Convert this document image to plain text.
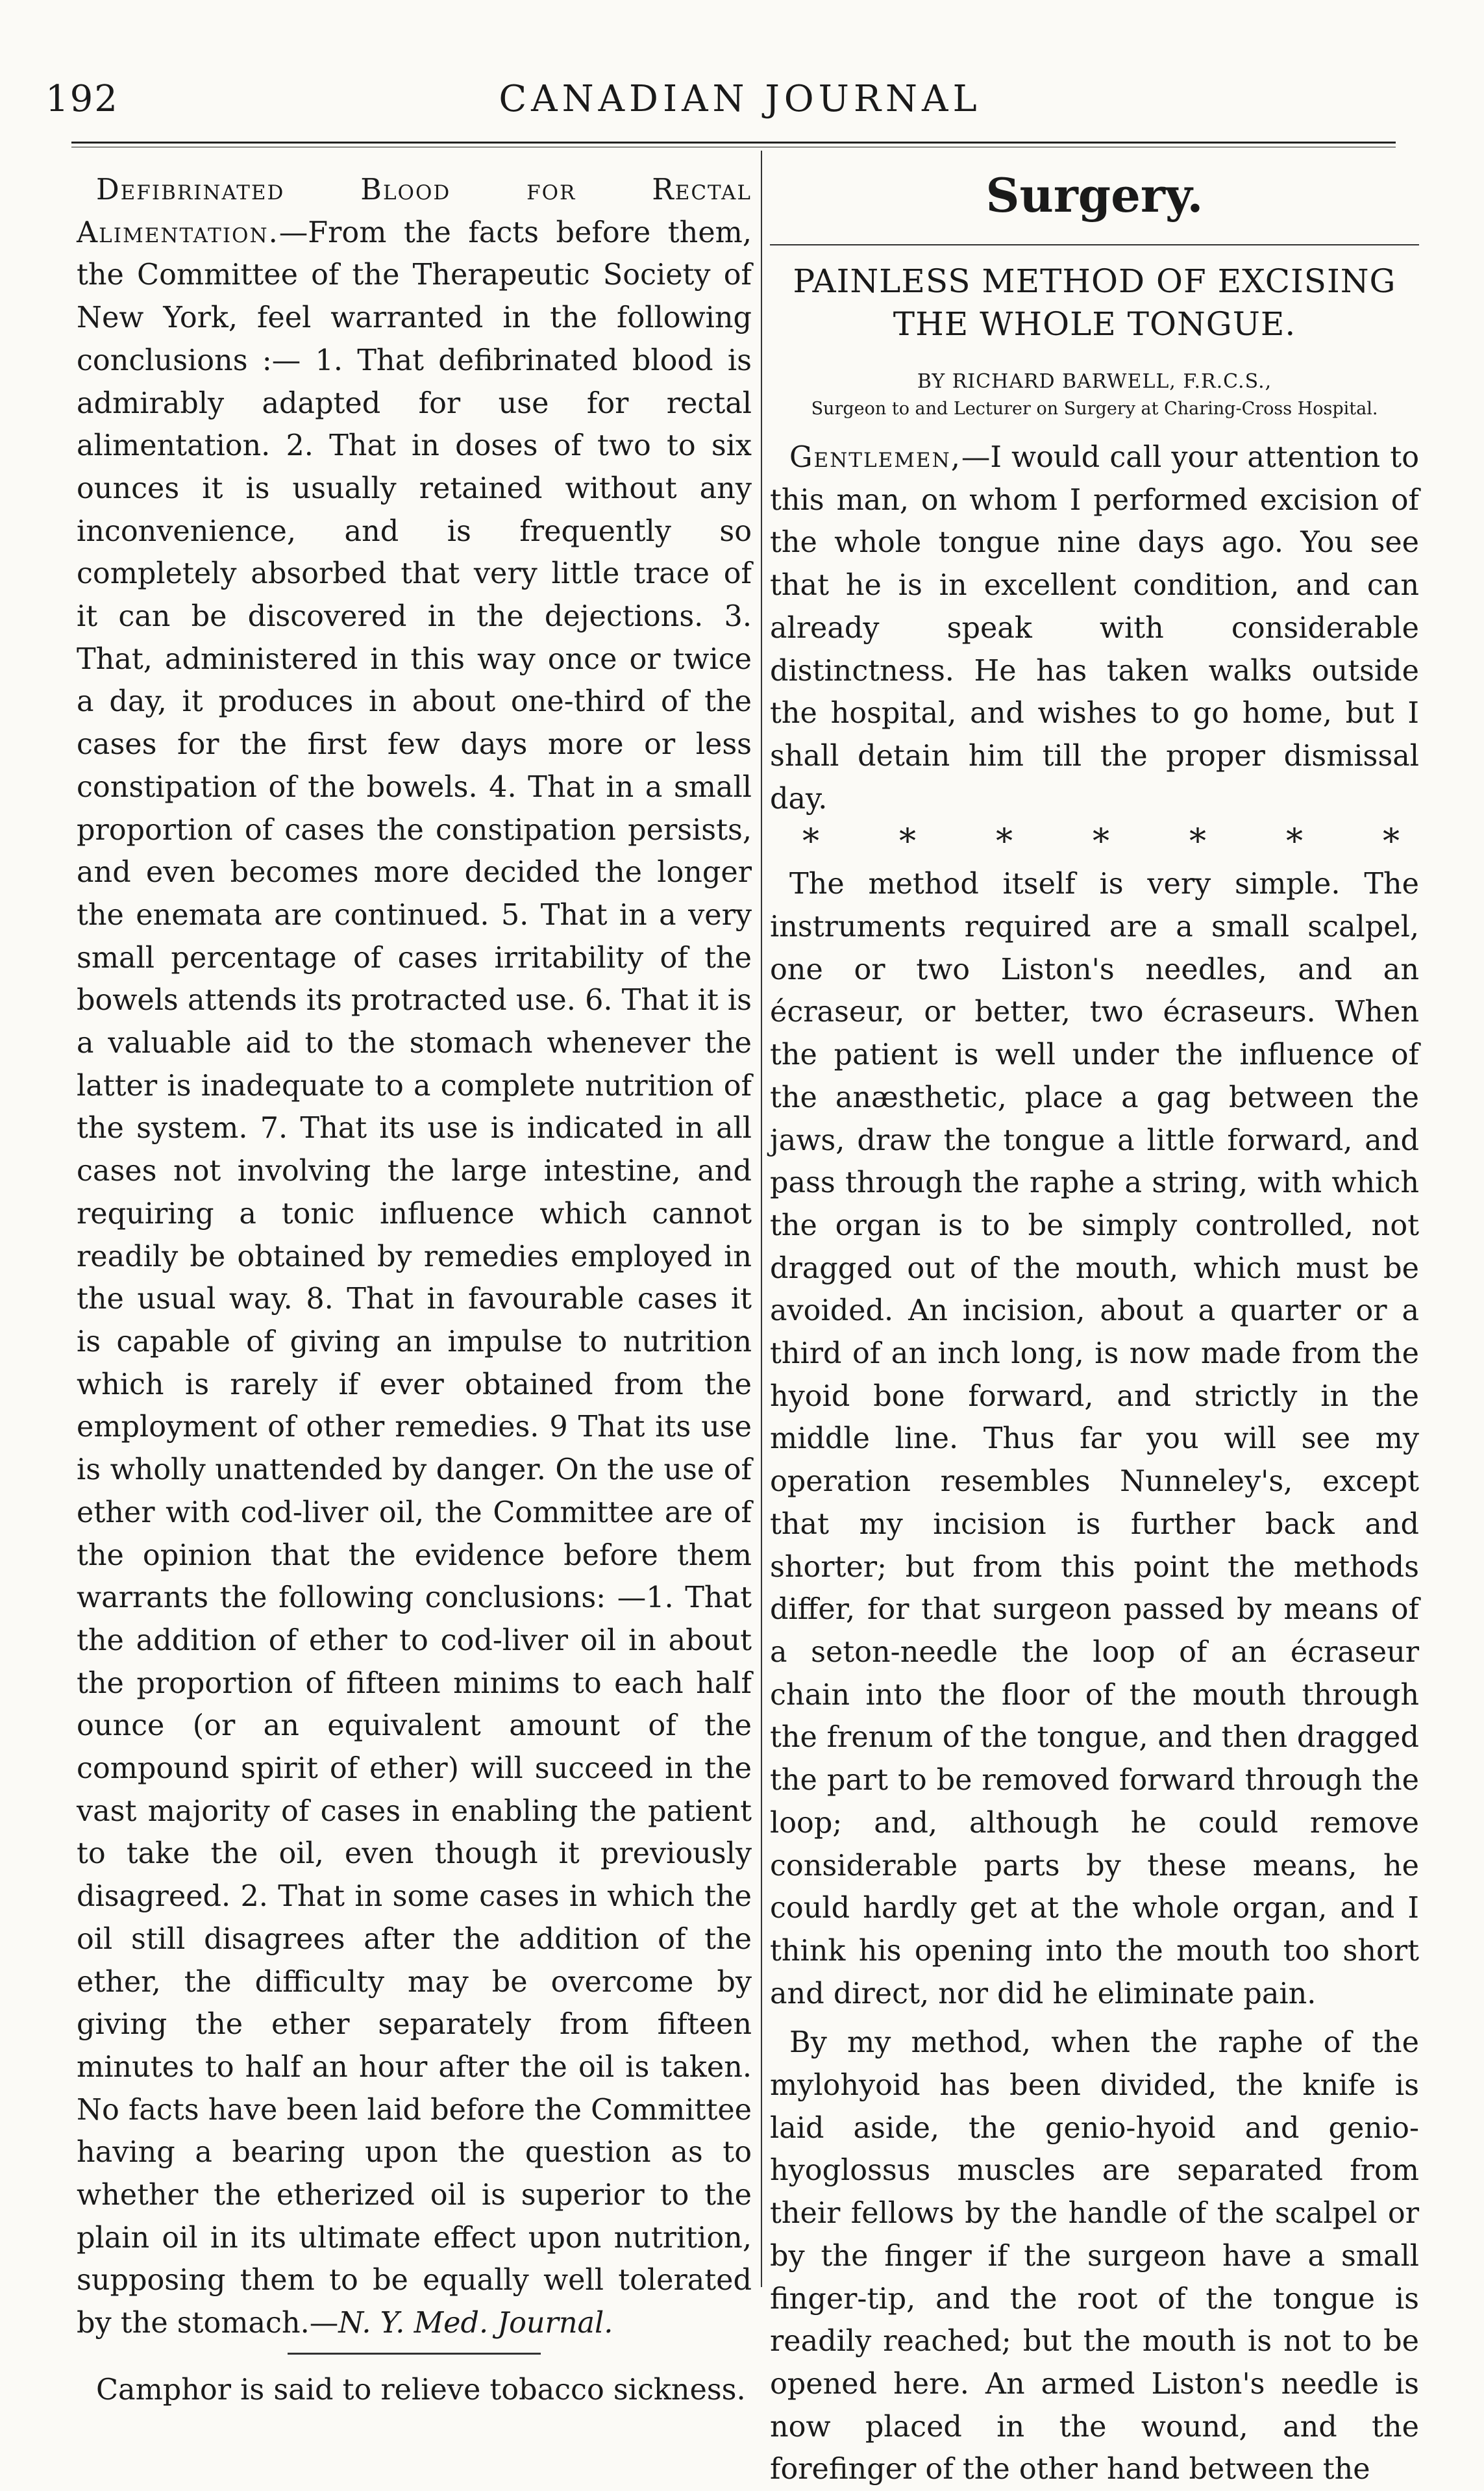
192	CANADIAN JOURNAL

Defibrinated Blood for Rectal Alimentation.—From the facts before them, the Committee of the Therapeutic Society of New York, feel warranted in the following conclusions :— 1. That defibrinated blood is admirably adapted for use for rectal alimentation. 2. That in doses of two to six ounces it is usually retained without any inconvenience, and is frequently so completely absorbed that very little trace of it can be discovered in the dejections. 3. That, administered in this way once or twice a day, it produces in about one-third of the cases for the first few days more or less constipation of the bowels. 4. That in a small proportion of cases the constipation persists, and even becomes more decided the longer the enemata are continued. 5. That in a very small percentage of cases irritability of the bowels attends its protracted use. 6. That it is a valuable aid to the stomach whenever the latter is inadequate to a complete nutrition of the system. 7. That its use is indicated in all cases not involving the large intestine, and requiring a tonic influence which cannot readily be obtained by remedies employed in the usual way. 8. That in favourable cases it is capable of giving an impulse to nutrition which is rarely if ever obtained from the employment of other remedies. 9 That its use is wholly unattended by danger. On the use of ether with cod-liver oil, the Committee are of the opinion that the evidence before them warrants the following conclusions: —1. That the addition of ether to cod-liver oil in about the proportion of fifteen minims to each half ounce (or an equivalent amount of the compound spirit of ether) will succeed in the vast majority of cases in enabling the patient to take the oil, even though it previously disagreed. 2. That in some cases in which the oil still disagrees after the addition of the ether, the difficulty may be overcome by giving the ether separately from fifteen minutes to half an hour after the oil is taken. No facts have been laid before the Committee having a bearing upon the question as to whether the etherized oil is superior to the plain oil in its ultimate effect upon nutrition, supposing them to be equally well tolerated by the stomach.—N. Y. Med. Journal.

Camphor is said to relieve tobacco sickness.

Surgery.
PAINLESS METHOD OF EXCISING THE WHOLE TONGUE.
BY RICHARD BARWELL, F.R.C.S.,
Surgeon to and Lecturer on Surgery at Charing-Cross Hospital.

Gentlemen,—I would call your attention to this man, on whom I performed excision of the whole tongue nine days ago. You see that he is in excellent condition, and can already speak with considerable distinctness. He has taken walks outside the hospital, and wishes to go home, but I shall detain him till the proper dismissal day.

* * * * * * *

The method itself is very simple. The instruments required are a small scalpel, one or two Liston's needles, and an écraseur, or better, two écraseurs. When the patient is well under the influence of the anæsthetic, place a gag between the jaws, draw the tongue a little forward, and pass through the raphe a string, with which the organ is to be simply controlled, not dragged out of the mouth, which must be avoided. An incision, about a quarter or a third of an inch long, is now made from the hyoid bone forward, and strictly in the middle line. Thus far you will see my operation resembles Nunneley's, except that my incision is further back and shorter; but from this point the methods differ, for that surgeon passed by means of a seton-needle the loop of an écraseur chain into the floor of the mouth through the frenum of the tongue, and then dragged the part to be removed forward through the loop; and, although he could remove considerable parts by these means, he could hardly get at the whole organ, and I think his opening into the mouth too short and direct, nor did he eliminate pain.

By my method, when the raphe of the mylohyoid has been divided, the knife is laid aside, the genio-hyoid and genio-hyoglossus muscles are separated from their fellows by the handle of the scalpel or by the finger if the surgeon have a small finger-tip, and the root of the tongue is readily reached; but the mouth is not to be opened here. An armed Liston's needle is now placed in the wound, and the forefinger of the other hand between the
